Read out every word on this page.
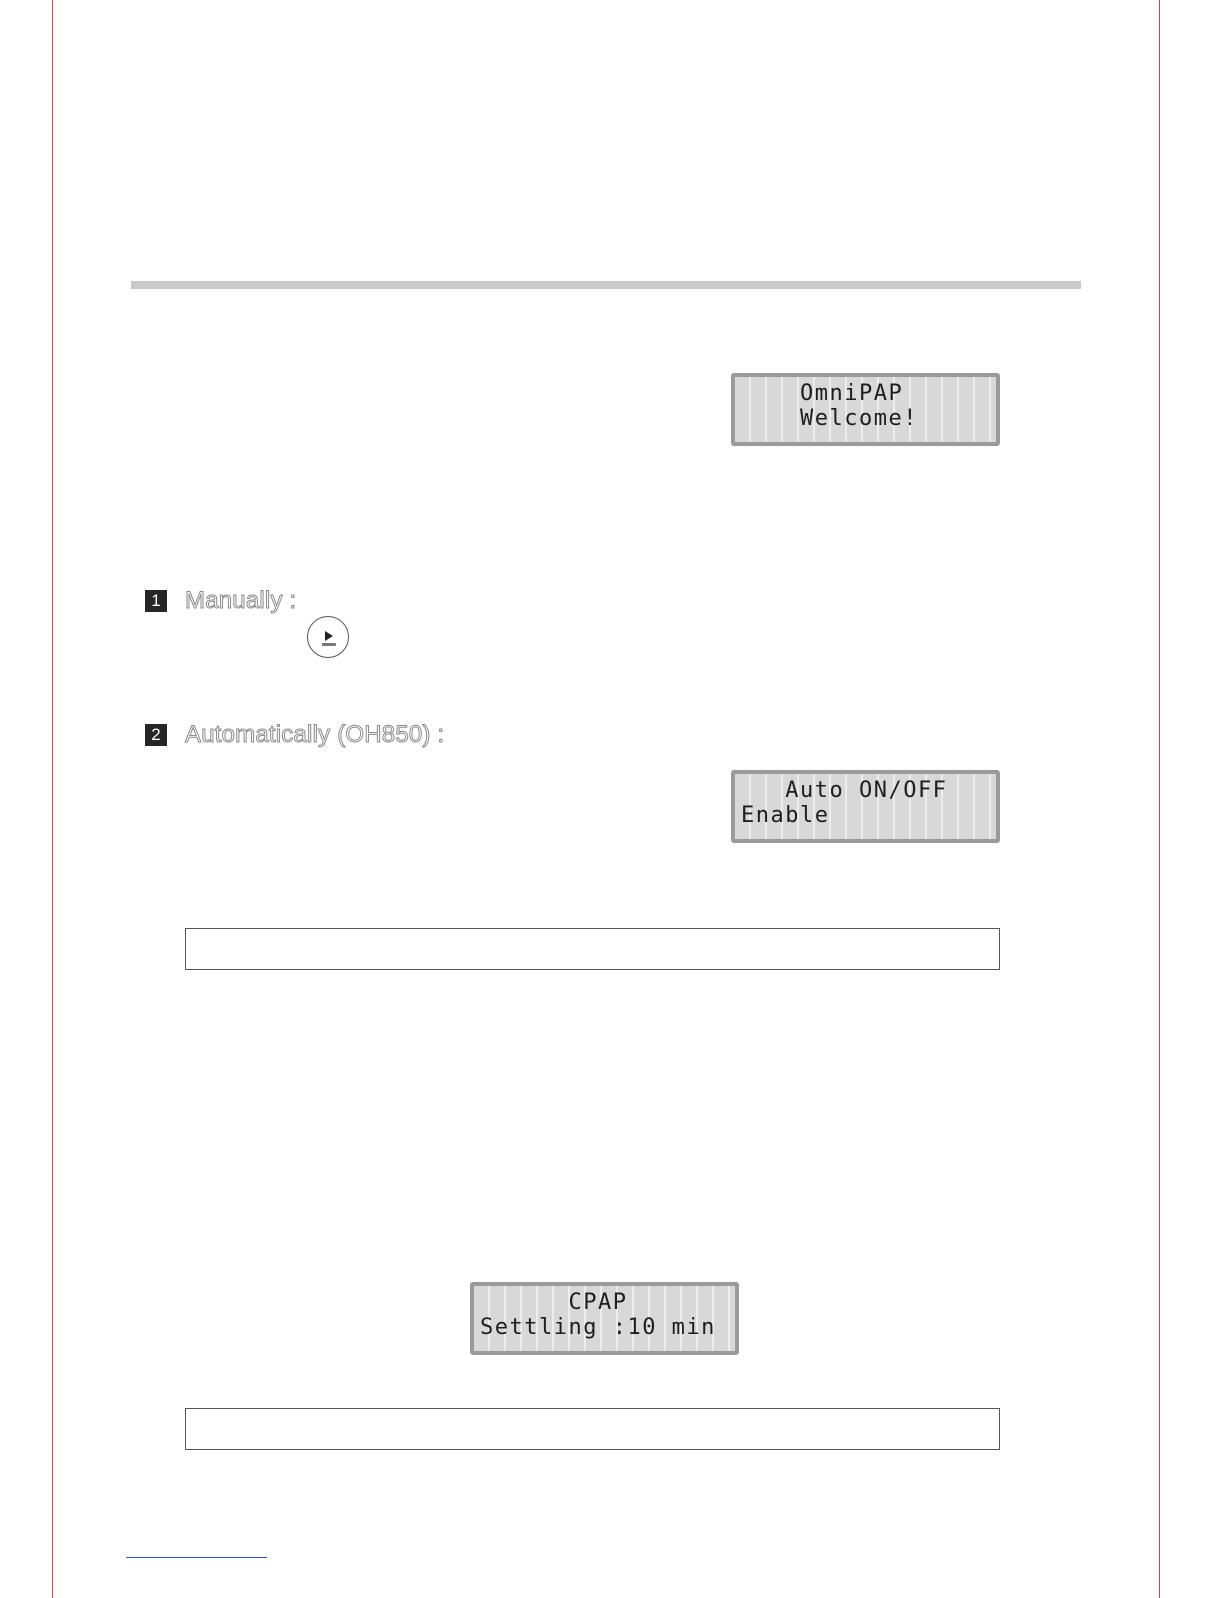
OmniPAP
Welcome!
1 Manually :
2 Automatically (OH850) :
Auto ON/OFF
Enable
CPAP
Settling :10 min
